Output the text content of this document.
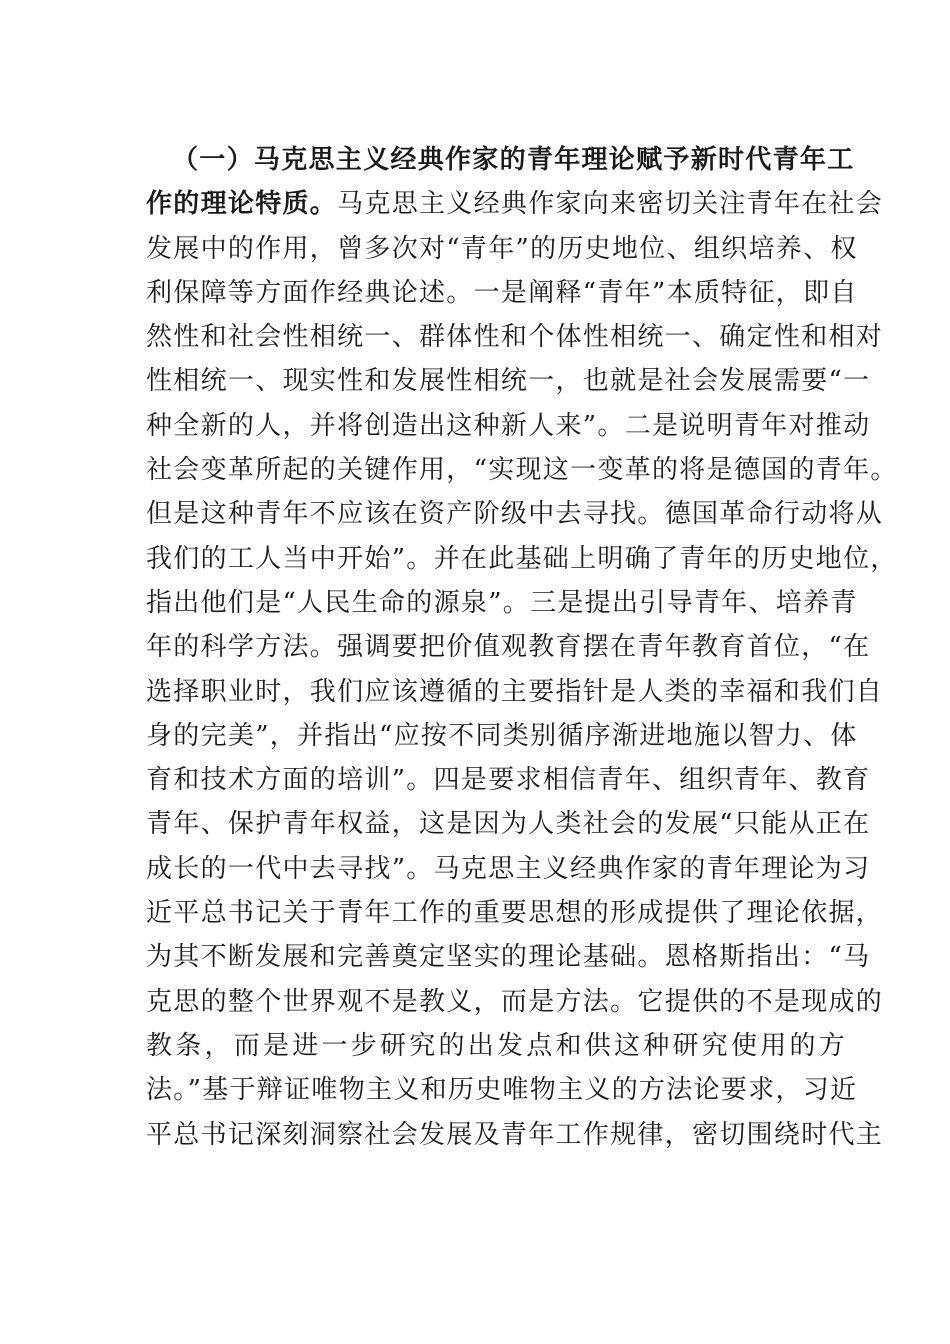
（一）马克思主义经典作家的青年理论赋予新时代青年工
作的理论特质。马克思主义经典作家向来密切关注青年在社会
发展中的作用，曾多次对“青年”的历史地位、组织培养、权
利保障等方面作经典论述。一是阐释“青年”本质特征，即自
然性和社会性相统一、群体性和个体性相统一、确定性和相对
性相统一、现实性和发展性相统一，也就是社会发展需要“一
种全新的人，并将创造出这种新人来”。二是说明青年对推动
社会变革所起的关键作用，“实现这一变革的将是德国的青年。
但是这种青年不应该在资产阶级中去寻找。德国革命行动将从
我们的工人当中开始”。并在此基础上明确了青年的历史地位，
指出他们是“人民生命的源泉”。三是提出引导青年、培养青
年的科学方法。强调要把价值观教育摆在青年教育首位，“在
选择职业时，我们应该遵循的主要指针是人类的幸福和我们自
身的完美”，并指出“应按不同类别循序渐进地施以智力、体
育和技术方面的培训”。四是要求相信青年、组织青年、教育
青年、保护青年权益，这是因为人类社会的发展“只能从正在
成长的一代中去寻找”。马克思主义经典作家的青年理论为习
近平总书记关于青年工作的重要思想的形成提供了理论依据，
为其不断发展和完善奠定坚实的理论基础。恩格斯指出：“马
克思的整个世界观不是教义，而是方法。它提供的不是现成的
教条，而是进一步研究的出发点和供这种研究使用的方
法。”基于辩证唯物主义和历史唯物主义的方法论要求，习近
平总书记深刻洞察社会发展及青年工作规律，密切围绕时代主
